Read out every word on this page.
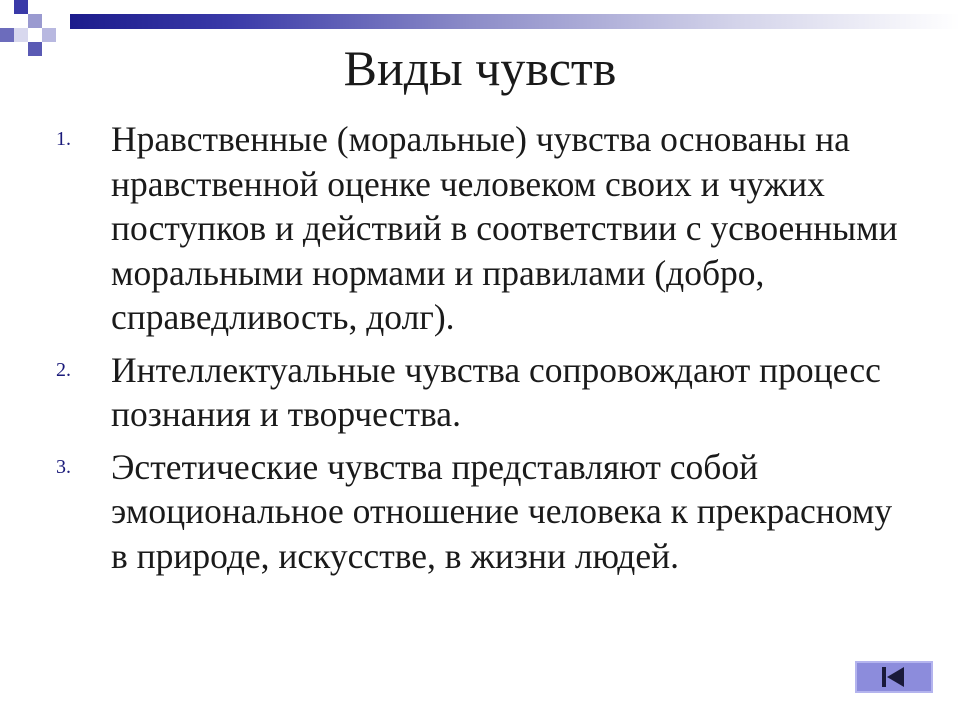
Виды чувств
1. Нравственные (моральные) чувства основаны на нравственной оценке человеком своих и чужих поступков и действий в соответствии с усвоенными моральными нормами и правилами (добро, справедливость, долг).
2. Интеллектуальные чувства сопровождают процесс познания и творчества.
3. Эстетические чувства представляют собой эмоциональное отношение человека к прекрасному в природе, искусстве, в жизни людей.
